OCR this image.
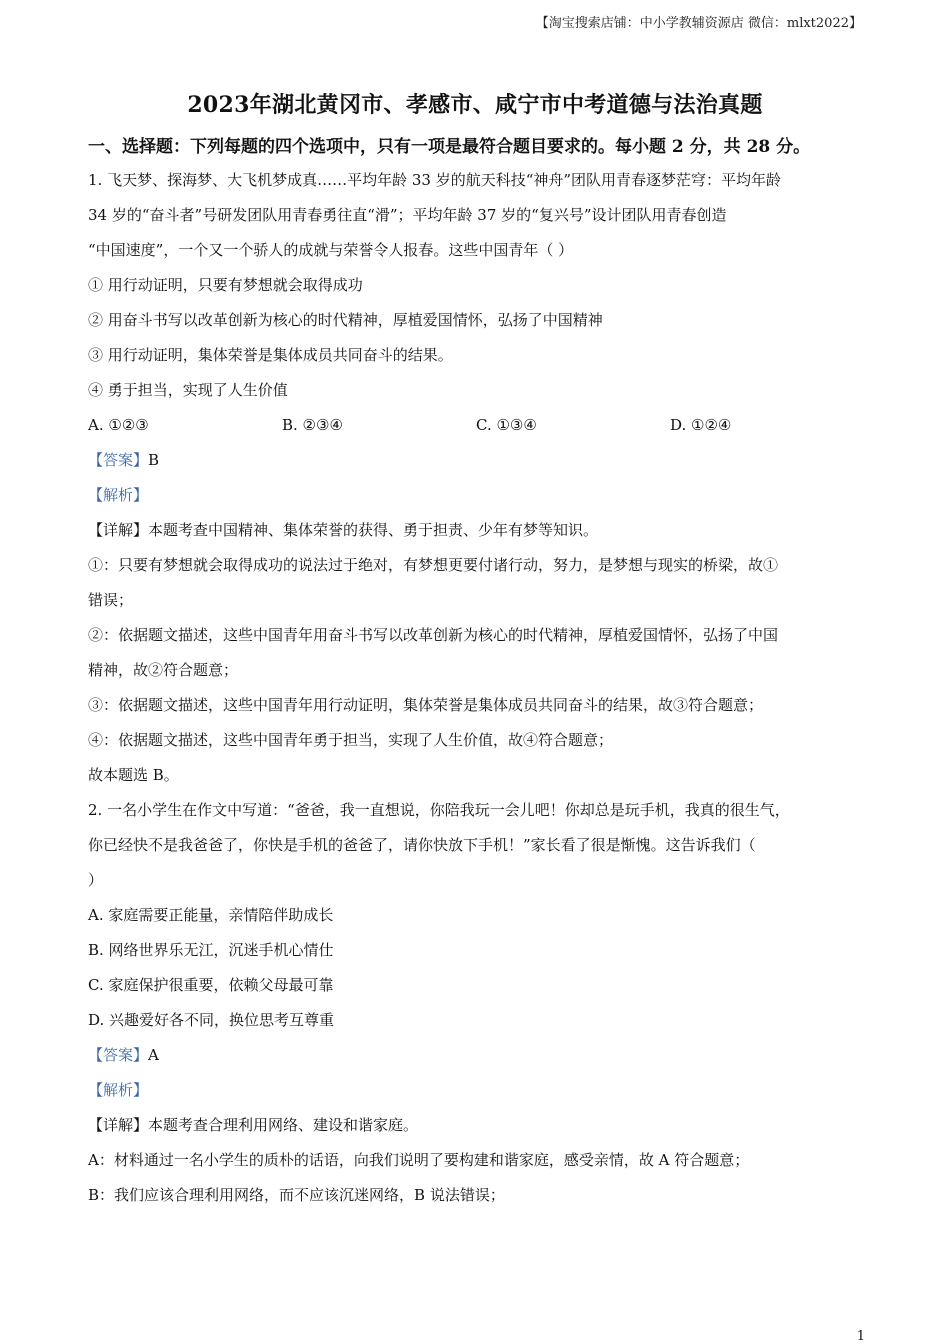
【淘宝搜索店铺：中小学教辅资源店 微信：mlxt2022】
2023年湖北黄冈市、孝感市、咸宁市中考道德与法治真题
一、选择题：下列每题的四个选项中，只有一项是最符合题目要求的。每小题 2 分，共 28 分。
1. 飞天梦、探海梦、大飞机梦成真……平均年龄 33 岁的航天科技“神舟”团队用青春逐梦茫穹：平均年龄
34 岁的“奋斗者”号研发团队用青春勇往直“滑”；平均年龄 37 岁的“复兴号”设计团队用青春创造
“中国速度”，一个又一个骄人的成就与荣誉令人报春。这些中国青年（ ）
① 用行动证明，只要有梦想就会取得成功
② 用奋斗书写以改革创新为核心的时代精神，厚植爱国情怀，弘扬了中国精神
③ 用行动证明，集体荣誉是集体成员共同奋斗的结果。
④ 勇于担当，实现了人生价值
A. ①②③	B. ②③④	C. ①③④	D. ①②④
【答案】B
【解析】
【详解】本题考查中国精神、集体荣誉的获得、勇于担责、少年有梦等知识。
①：只要有梦想就会取得成功的说法过于绝对，有梦想更要付诸行动，努力，是梦想与现实的桥梁，故①
错误；
②：依据题文描述，这些中国青年用奋斗书写以改革创新为核心的时代精神，厚植爱国情怀，弘扬了中国
精神，故②符合题意；
③：依据题文描述，这些中国青年用行动证明，集体荣誉是集体成员共同奋斗的结果，故③符合题意；
④：依据题文描述，这些中国青年勇于担当，实现了人生价值，故④符合题意；
故本题选 B。
2. 一名小学生在作文中写道：“爸爸，我一直想说，你陪我玩一会儿吧！你却总是玩手机，我真的很生气，
你已经快不是我爸爸了，你快是手机的爸爸了，请你快放下手机！”家长看了很是惭愧。这告诉我们（
）
A. 家庭需要正能量，亲情陪伴助成长
B. 网络世界乐无江，沉迷手机心情仕
C. 家庭保护很重要，依赖父母最可靠
D. 兴趣爱好各不同，换位思考互尊重
【答案】A
【解析】
【详解】本题考查合理利用网络、建设和谐家庭。
A：材料通过一名小学生的质朴的话语，向我们说明了要构建和谐家庭，感受亲情，故 A 符合题意；
B：我们应该合理利用网络，而不应该沉迷网络，B 说法错误；
1
